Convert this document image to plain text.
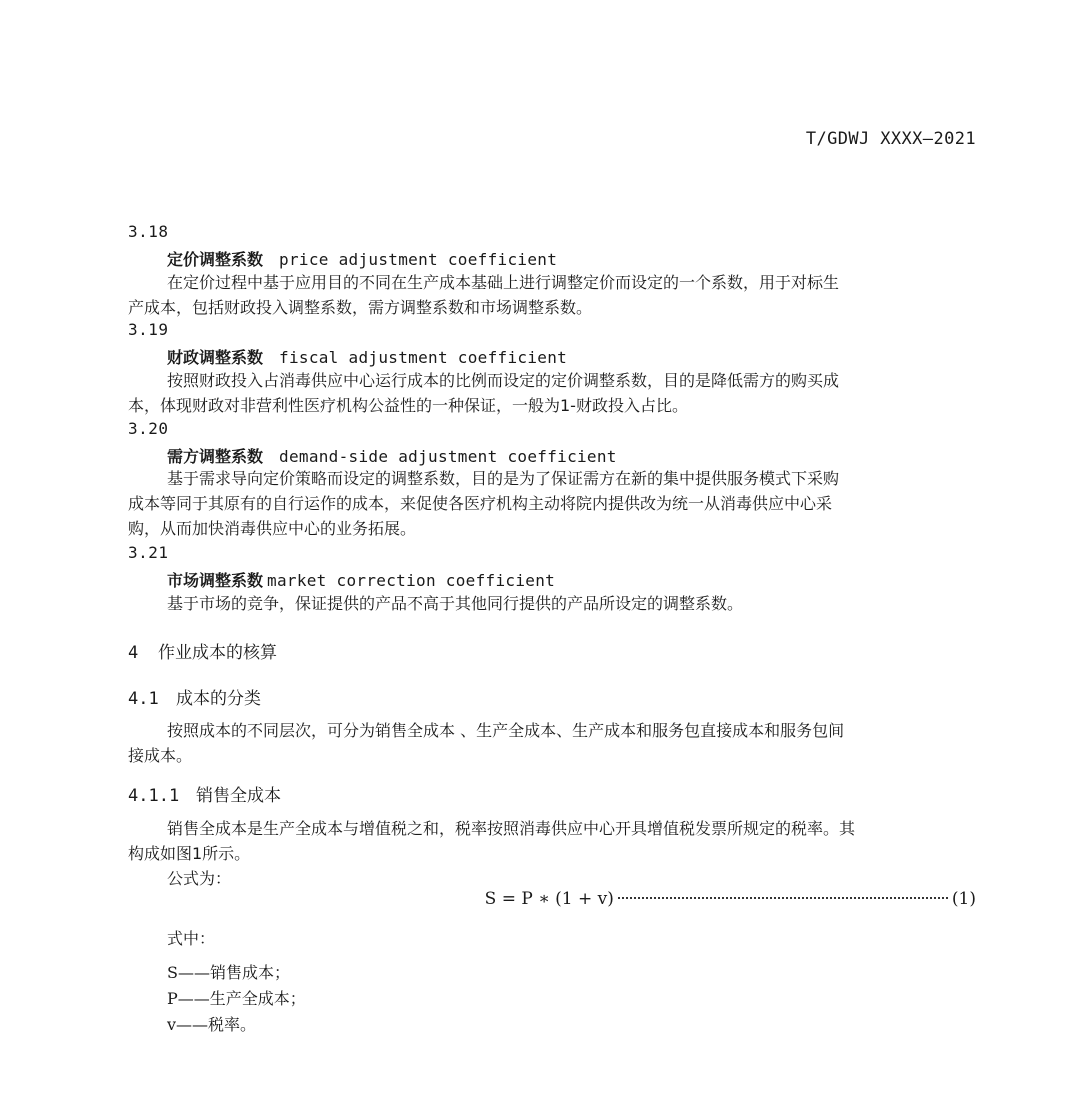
T/GDWJ XXXX—2021
3.18
定价调整系数 price adjustment coefficient
在定价过程中基于应用目的不同在生产成本基础上进行调整定价而设定的一个系数，用于对标生
产成本，包括财政投入调整系数，需方调整系数和市场调整系数。
3.19
财政调整系数 fiscal adjustment coefficient
按照财政投入占消毒供应中心运行成本的比例而设定的定价调整系数，目的是降低需方的购买成
本，体现财政对非营利性医疗机构公益性的一种保证，一般为1-财政投入占比。
3.20
需方调整系数 demand-side adjustment coefficient
基于需求导向定价策略而设定的调整系数，目的是为了保证需方在新的集中提供服务模式下采购
成本等同于其原有的自行运作的成本，来促使各医疗机构主动将院内提供改为统一从消毒供应中心采
购，从而加快消毒供应中心的业务拓展。
3.21
市场调整系数 market correction coefficient
基于市场的竞争，保证提供的产品不高于其他同行提供的产品所设定的调整系数。
4 作业成本的核算
4.1 成本的分类
按照成本的不同层次，可分为销售全成本 、生产全成本、生产成本和服务包直接成本和服务包间
接成本。
4.1.1 销售全成本
销售全成本是生产全成本与增值税之和，税率按照消毒供应中心开具增值税发票所规定的税率。其
构成如图1所示。
公式为：
S = P ∗ (1 + v)	(1)
式中：
S——销售成本；
P——生产全成本；
v——税率。
